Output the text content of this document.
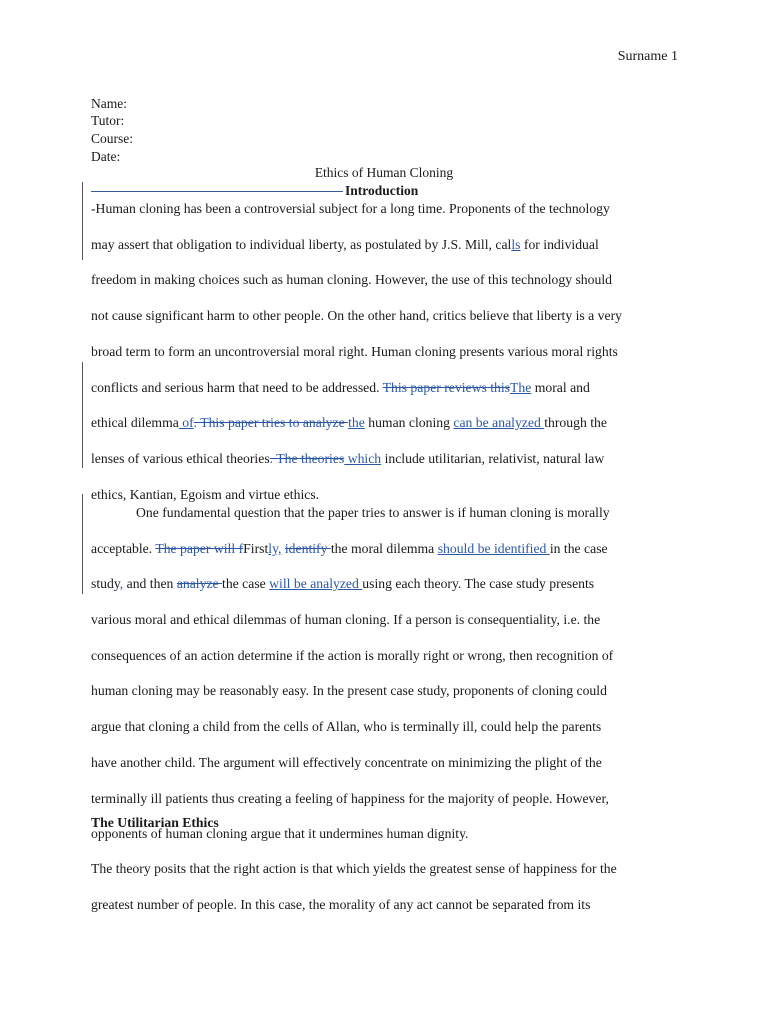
Surname 1
Name:
Tutor:
Course:
Date:
Ethics of Human Cloning
Introduction
-Human cloning has been a controversial subject for a long time. Proponents of the technology
may assert that obligation to individual liberty, as postulated by J.S. Mill, calls for individual
freedom in making choices such as human cloning. However, the use of this technology should
not cause significant harm to other people. On the other hand, critics believe that liberty is a very
broad term to form an uncontroversial moral right. Human cloning presents various moral rights
conflicts and serious harm that need to be addressed. This paper reviews thisThe moral and
ethical dilemma of. This paper tries to analyze the human cloning can be analyzed through the
lenses of various ethical theories. The theories which include utilitarian, relativist, natural law
ethics, Kantian, Egoism and virtue ethics.
One fundamental question that the paper tries to answer is if human cloning is morally
acceptable. The paper will fFirstly, identify the moral dilemma should be identified in the case
study, and then analyze the case will be analyzed using each theory. The case study presents
various moral and ethical dilemmas of human cloning. If a person is consequentiality, i.e. the
consequences of an action determine if the action is morally right or wrong, then recognition of
human cloning may be reasonably easy. In the present case study, proponents of cloning could
argue that cloning a child from the cells of Allan, who is terminally ill, could help the parents
have another child. The argument will effectively concentrate on minimizing the plight of the
terminally ill patients thus creating a feeling of happiness for the majority of people. However,
opponents of human cloning argue that it undermines human dignity.
The Utilitarian Ethics
The theory posits that the right action is that which yields the greatest sense of happiness for the
greatest number of people. In this case, the morality of any act cannot be separated from its
